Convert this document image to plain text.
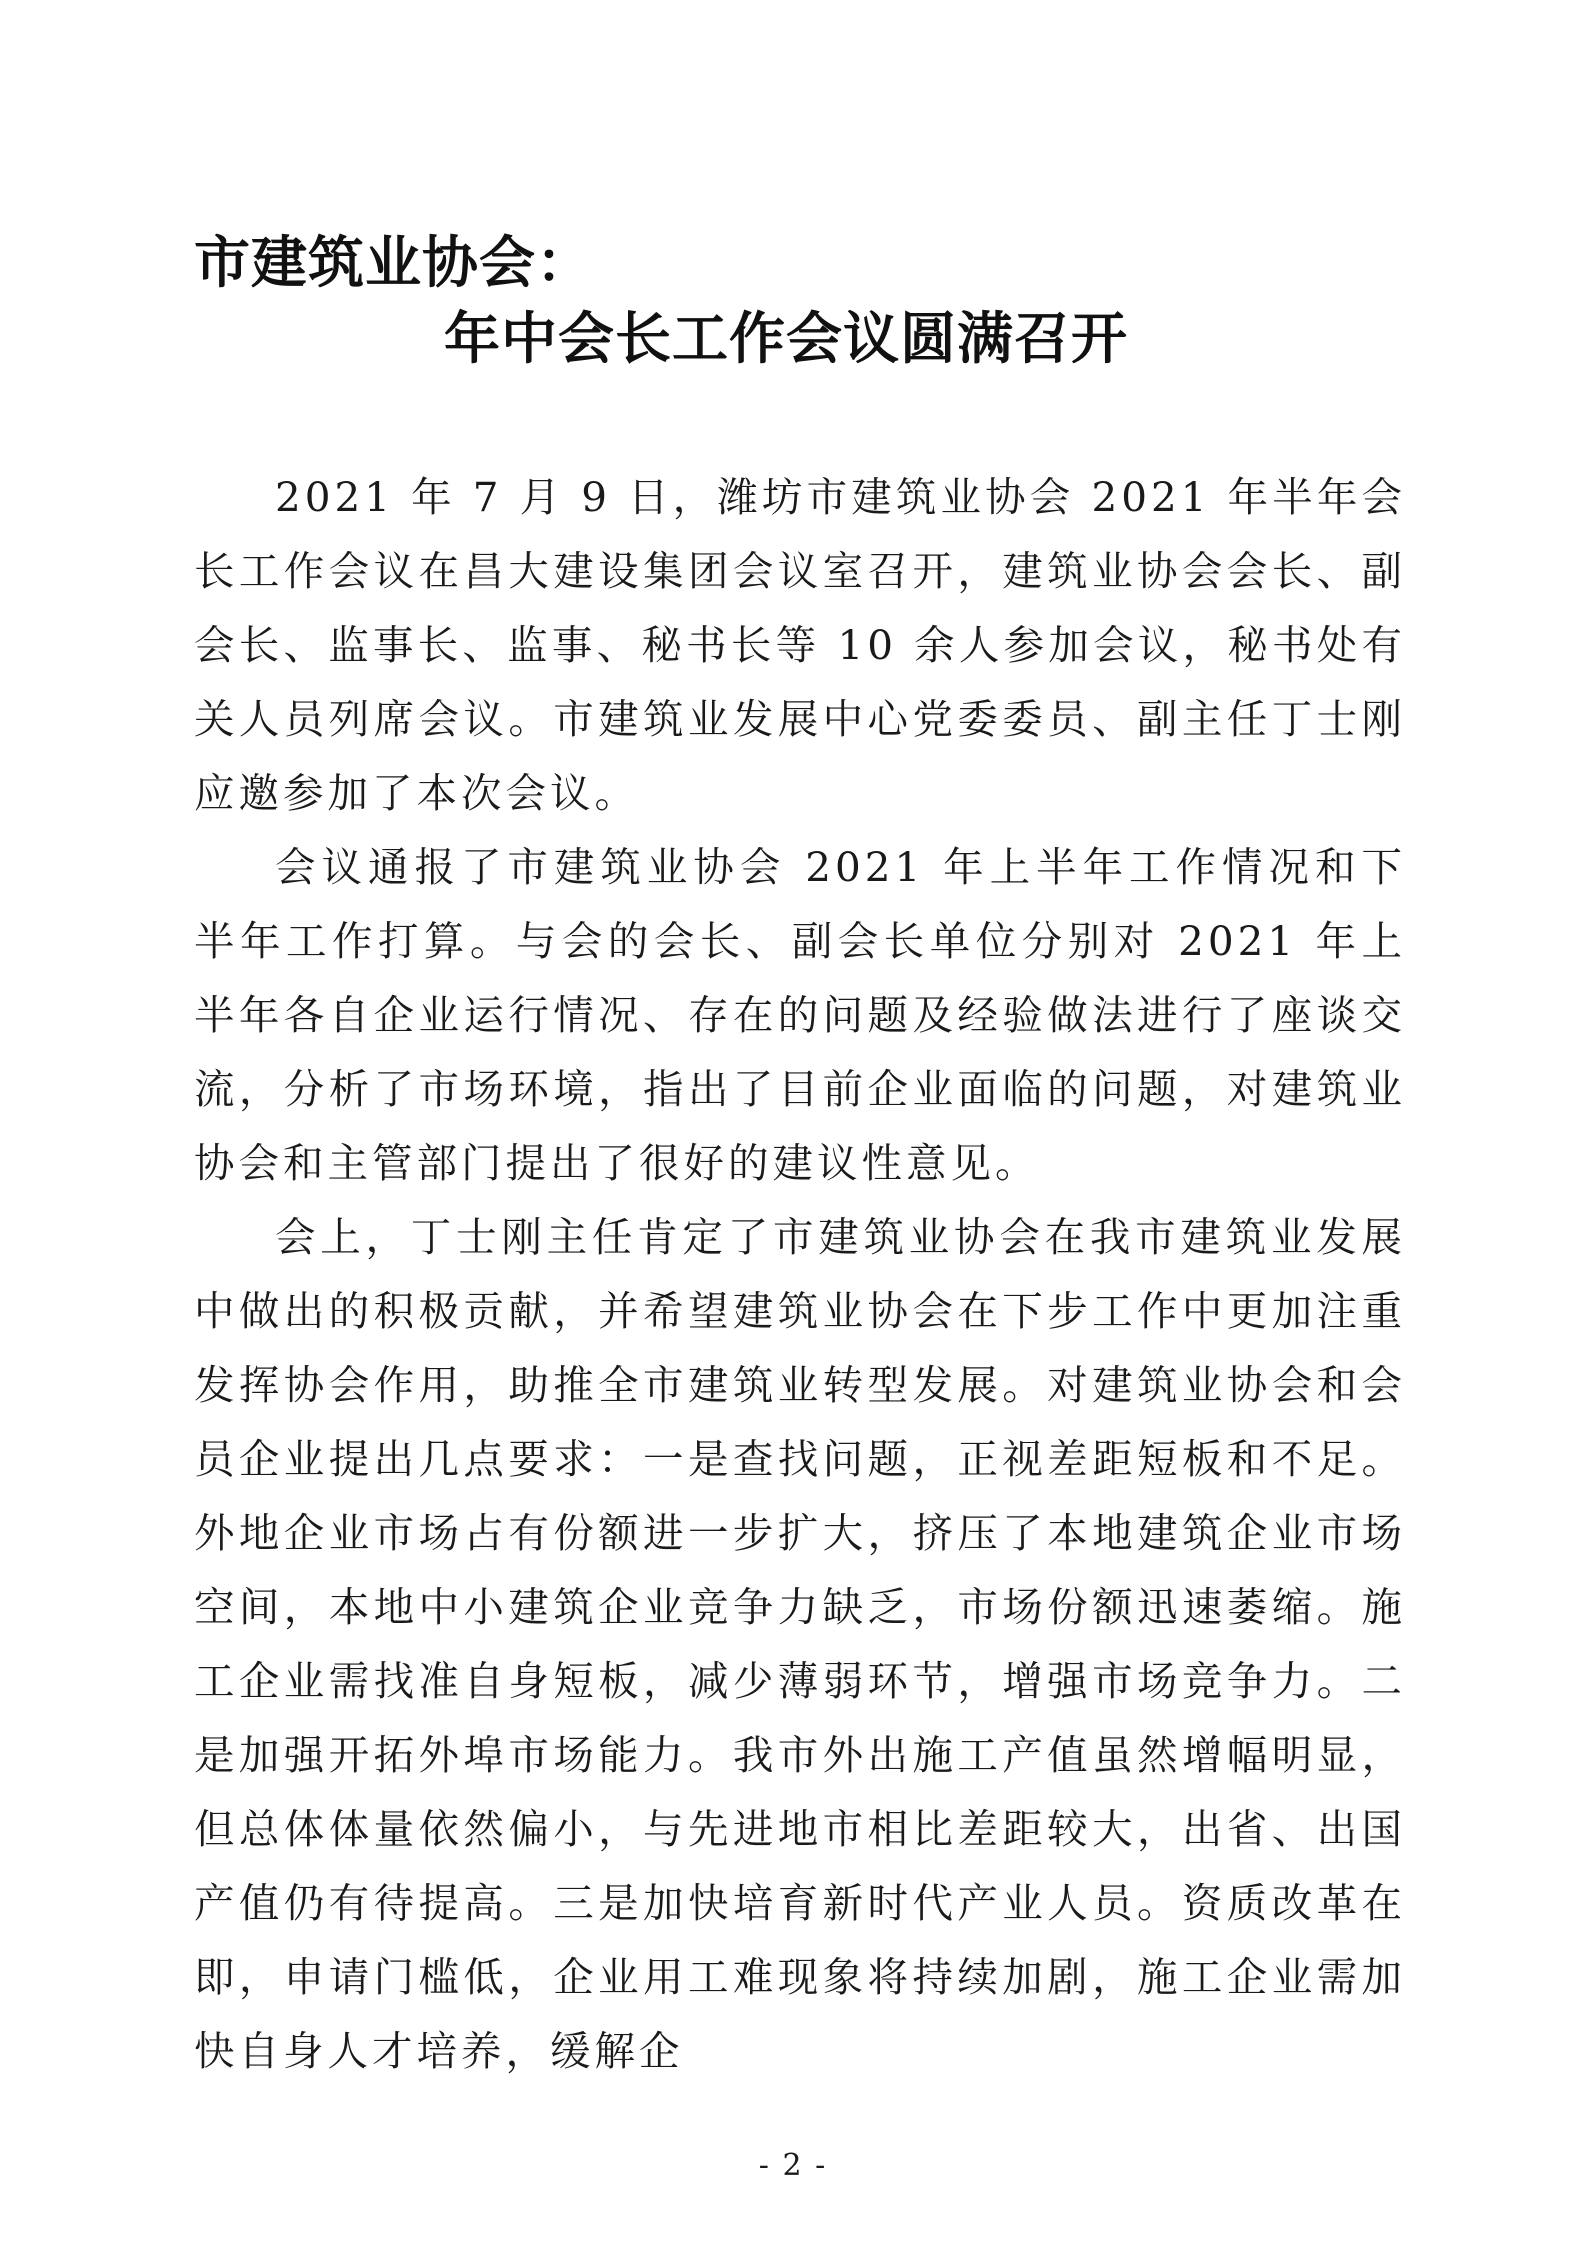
市建筑业协会：
年中会长工作会议圆满召开

2021 年 7 月 9 日，潍坊市建筑业协会 2021 年半年会长工作会议在昌大建设集团会议室召开，建筑业协会会长、副会长、监事长、监事、秘书长等 10 余人参加会议，秘书处有关人员列席会议。市建筑业发展中心党委委员、副主任丁士刚应邀参加了本次会议。

会议通报了市建筑业协会 2021 年上半年工作情况和下半年工作打算。与会的会长、副会长单位分别对 2021 年上半年各自企业运行情况、存在的问题及经验做法进行了座谈交流，分析了市场环境，指出了目前企业面临的问题，对建筑业协会和主管部门提出了很好的建议性意见。

会上，丁士刚主任肯定了市建筑业协会在我市建筑业发展中做出的积极贡献，并希望建筑业协会在下步工作中更加注重发挥协会作用，助推全市建筑业转型发展。对建筑业协会和会员企业提出几点要求：一是查找问题，正视差距短板和不足。外地企业市场占有份额进一步扩大，挤压了本地建筑企业市场空间，本地中小建筑企业竞争力缺乏，市场份额迅速萎缩。施工企业需找准自身短板，减少薄弱环节，增强市场竞争力。二是加强开拓外埠市场能力。我市外出施工产值虽然增幅明显，但总体体量依然偏小，与先进地市相比差距较大，出省、出国产值仍有待提高。三是加快培育新时代产业人员。资质改革在即，申请门槛低，企业用工难现象将持续加剧，施工企业需加快自身人才培养，缓解企

- 2 -
